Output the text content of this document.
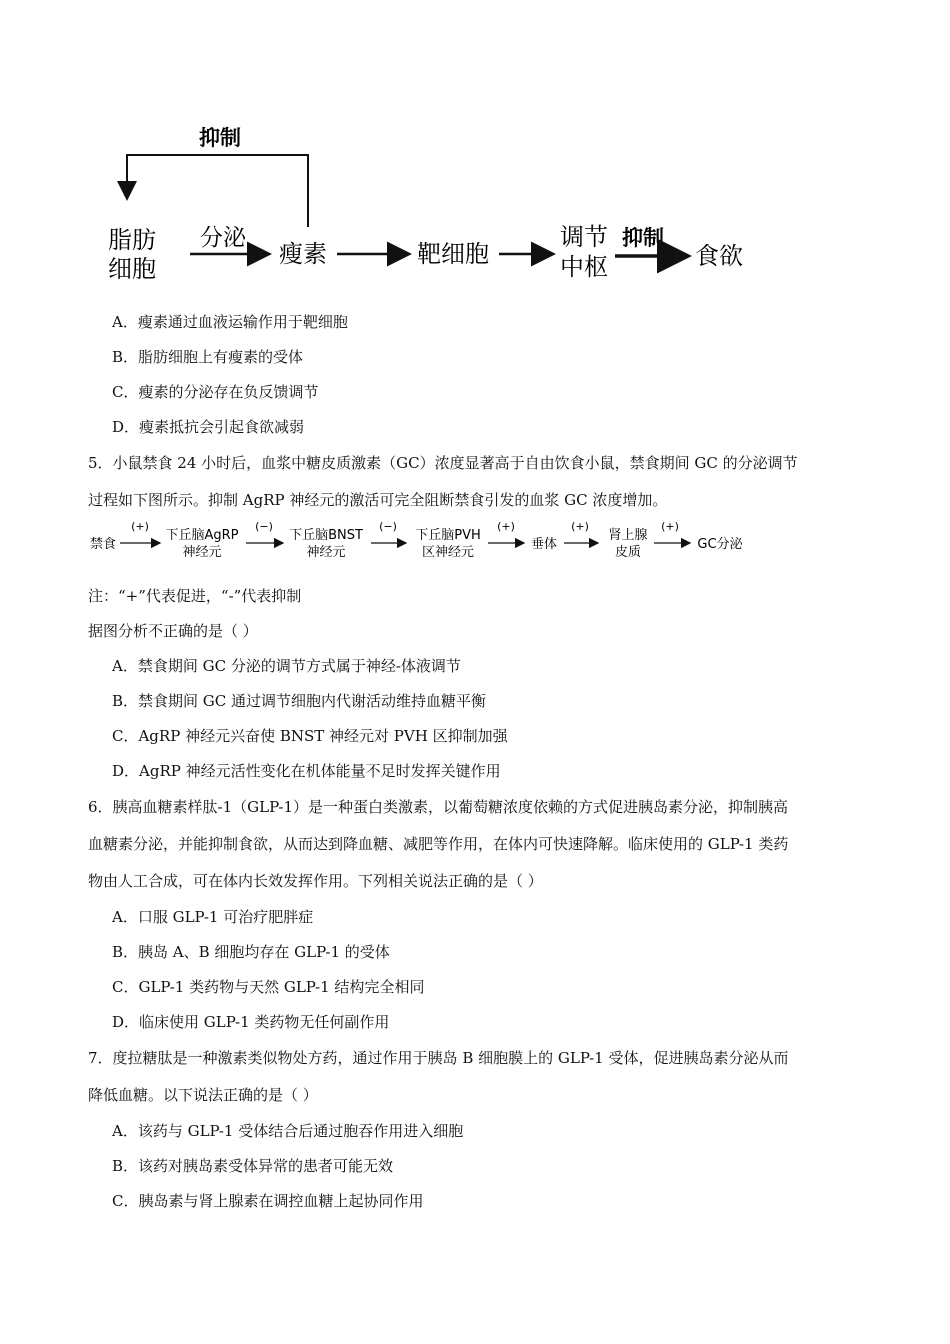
抑制
脂肪
细胞
分泌
瘦素	靶细胞
调节
中枢
抑制
食欲
A．瘦素通过血液运输作用于靶细胞
B．脂肪细胞上有瘦素的受体
C．瘦素的分泌存在负反馈调节
D．瘦素抵抗会引起食欲减弱
5．小鼠禁食 24 小时后，血浆中糖皮质激素（GC）浓度显著高于自由饮食小鼠，禁食期间 GC 的分泌调节
过程如下图所示。抑制 AgRP 神经元的激活可完全阻断禁食引发的血浆 GC 浓度增加。
禁食
(+)
下丘脑AgRP
神经元
(−)
下丘脑BNST
神经元
(−)
下丘脑PVH
区神经元
(+)
垂体
(+)
肾上腺
皮质
(+)
GC分泌
注：“+”代表促进，“-”代表抑制
据图分析不正确的是（ ）
A．禁食期间 GC 分泌的调节方式属于神经-体液调节
B．禁食期间 GC 通过调节细胞内代谢活动维持血糖平衡
C．AgRP 神经元兴奋使 BNST 神经元对 PVH 区抑制加强
D．AgRP 神经元活性变化在机体能量不足时发挥关键作用
6．胰高血糖素样肽-1（GLP-1）是一种蛋白类激素，以葡萄糖浓度依赖的方式促进胰岛素分泌，抑制胰高
血糖素分泌，并能抑制食欲，从而达到降血糖、减肥等作用，在体内可快速降解。临床使用的 GLP-1 类药
物由人工合成，可在体内长效发挥作用。下列相关说法正确的是（ ）
A．口服 GLP-1 可治疗肥胖症
B．胰岛 A、B 细胞均存在 GLP-1 的受体
C．GLP-1 类药物与天然 GLP-1 结构完全相同
D．临床使用 GLP-1 类药物无任何副作用
7．度拉糖肽是一种激素类似物处方药，通过作用于胰岛 B 细胞膜上的 GLP-1 受体，促进胰岛素分泌从而
降低血糖。以下说法正确的是（ ）
A．该药与 GLP-1 受体结合后通过胞吞作用进入细胞
B．该药对胰岛素受体异常的患者可能无效
C．胰岛素与肾上腺素在调控血糖上起协同作用
